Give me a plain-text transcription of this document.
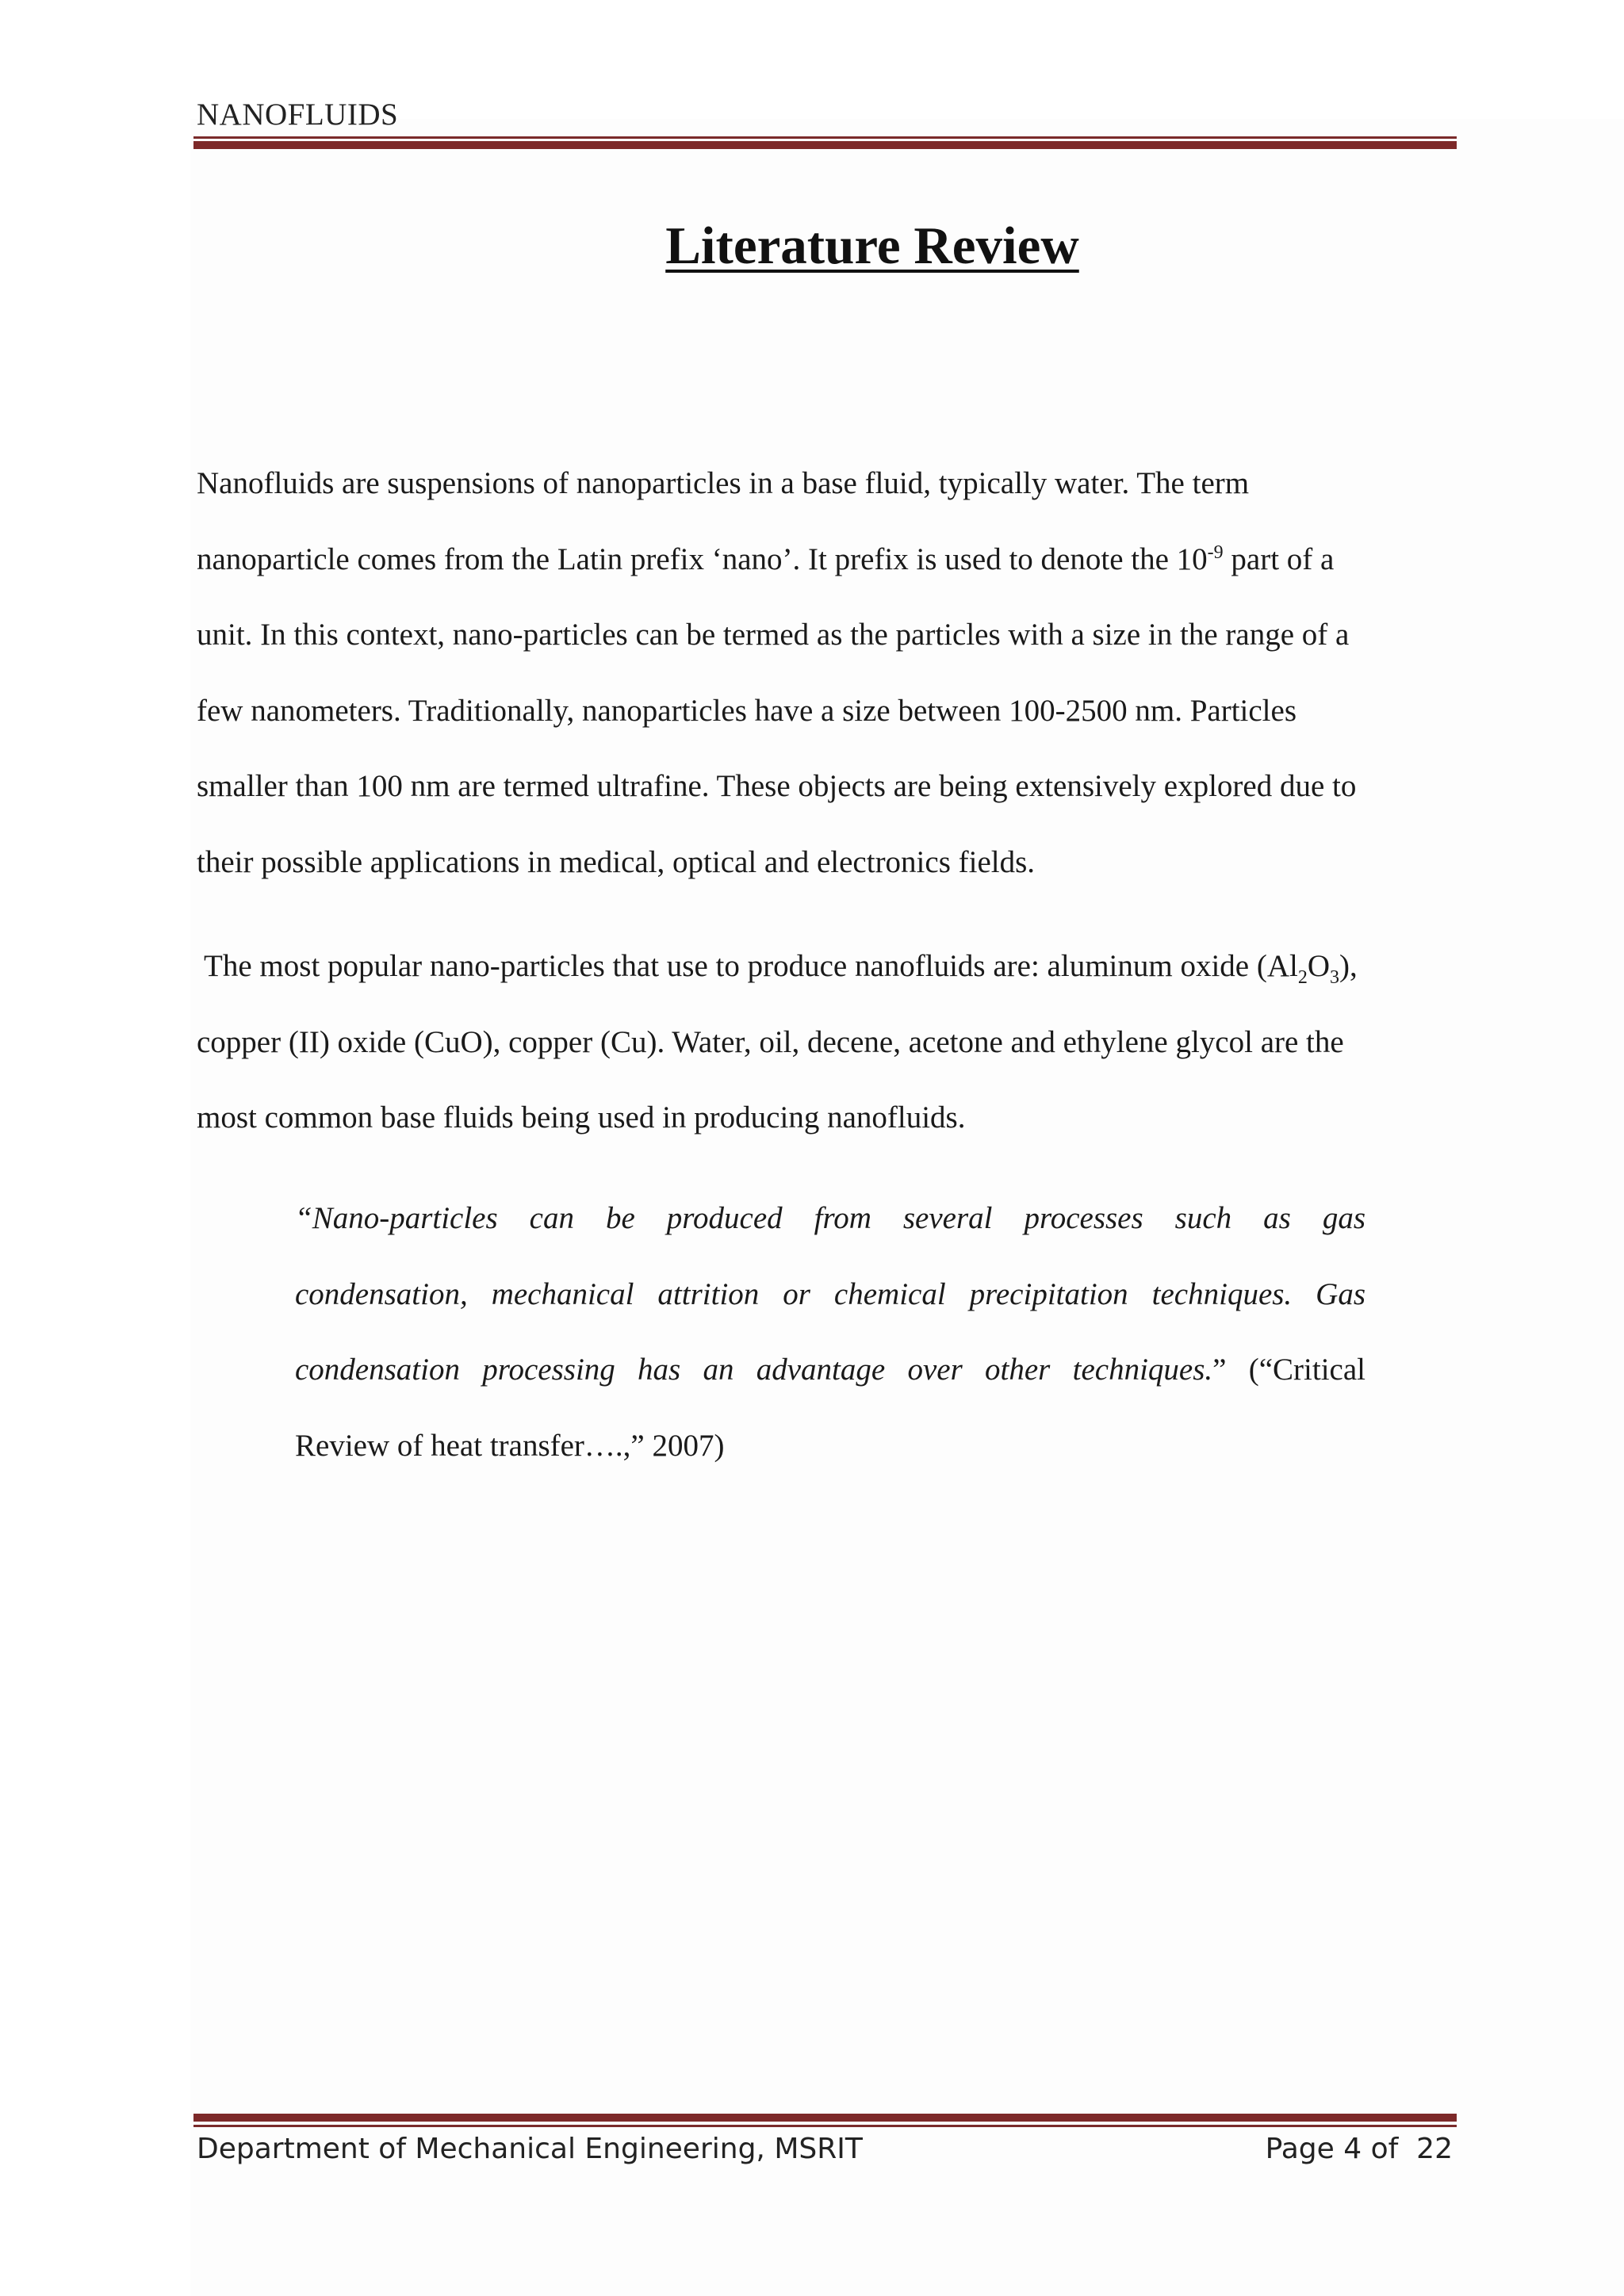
NANOFLUIDS
Literature Review

Nanofluids are suspensions of nanoparticles in a base fluid, typically water. The term
nanoparticle comes from the Latin prefix ‘nano’. It prefix is used to denote the $10^{-9}$ part of a
unit. In this context, nano-particles can be termed as the particles with a size in the range of a
few nanometers. Traditionally, nanoparticles have a size between 100-2500 nm. Particles
smaller than 100 nm are termed ultrafine. These objects are being extensively explored due to
their possible applications in medical, optical and electronics fields.

The most popular nano-particles that use to produce nanofluids are: aluminum oxide $(Al_2O_3)$,
copper (II) oxide (CuO), copper (Cu). Water, oil, decene, acetone and ethylene glycol are the
most common base fluids being used in producing nanofluids.

“Nano-particles can be produced from several processes such as gas
condensation, mechanical attrition or chemical precipitation techniques. Gas
condensation processing has an advantage over other techniques.” (“Critical
Review of heat transfer….,” 2007)

Department of Mechanical Engineering, MSRIT	Page 4 of  22
